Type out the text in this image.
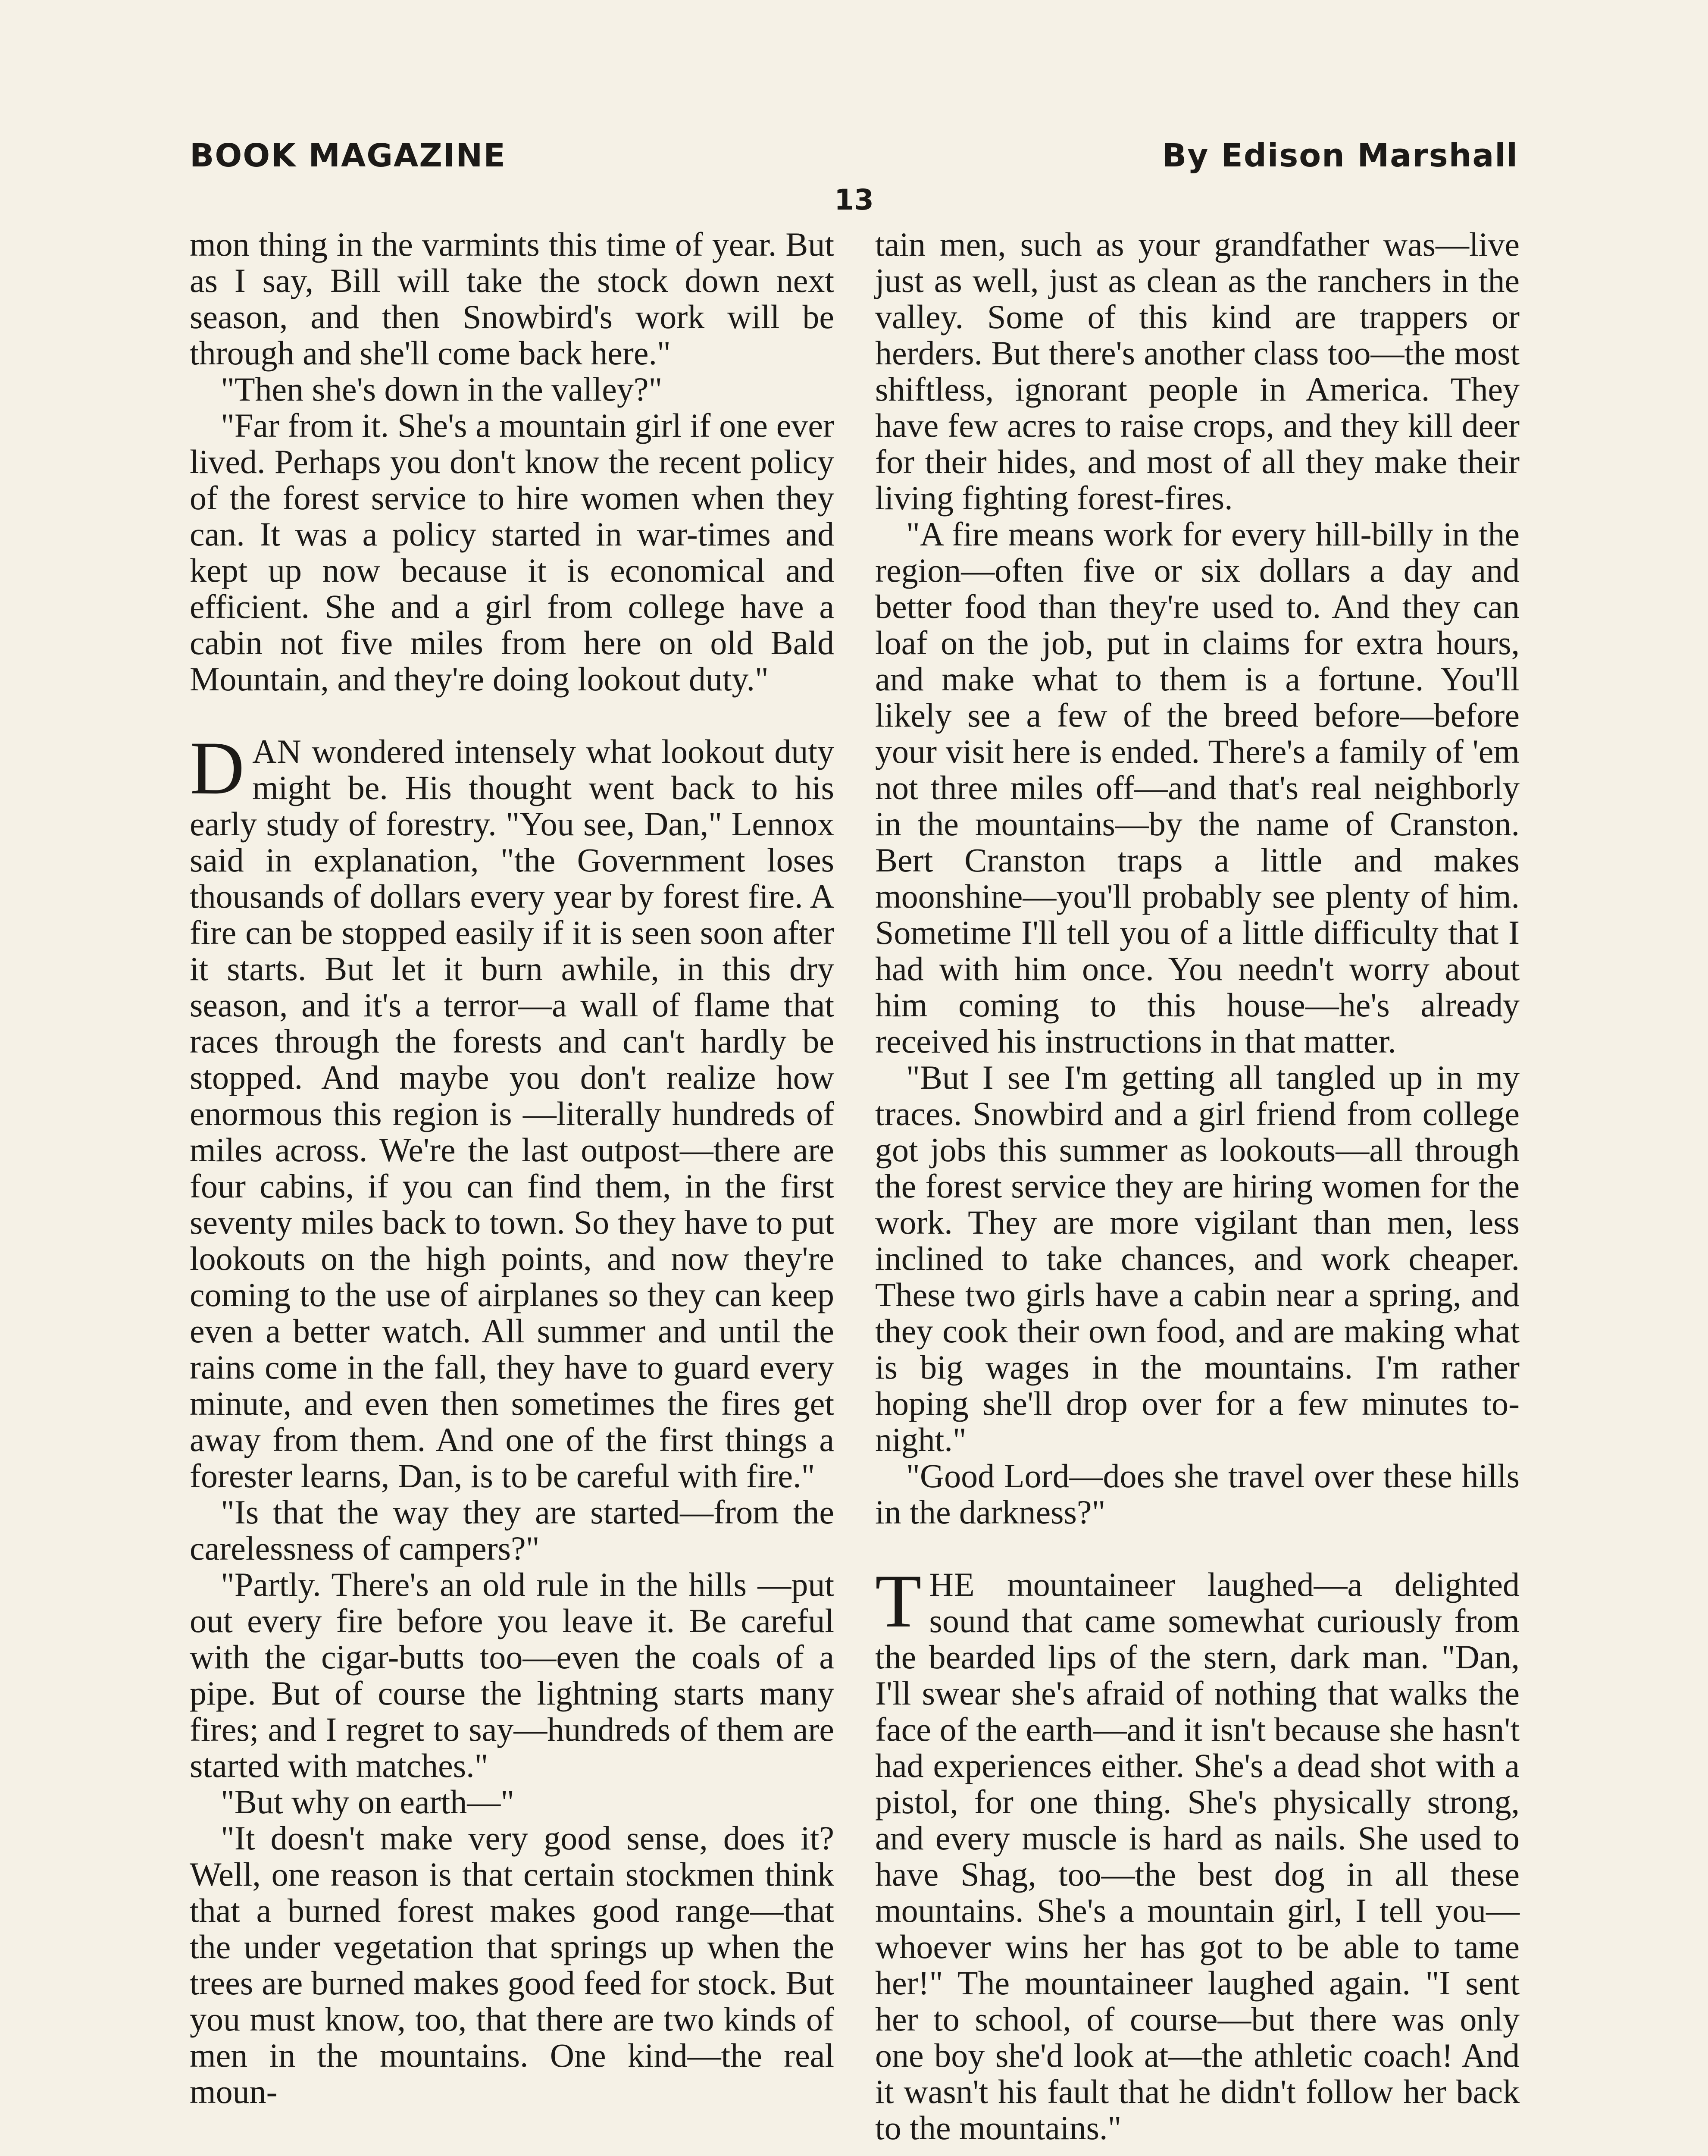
BOOK MAGAZINE	By Edison Marshall
13

mon thing in the varmints this time of year. But as I say, Bill will take the stock down next season, and then Snowbird's work will be through and she'll come back here."

"Then she's down in the valley?"

"Far from it. She's a mountain girl if one ever lived. Perhaps you don't know the recent policy of the forest service to hire women when they can. It was a policy started in war-times and kept up now because it is economical and efficient. She and a girl from college have a cabin not five miles from here on old Bald Mountain, and they're doing lookout duty."

DAN wondered intensely what lookout duty might be. His thought went back to his early study of forestry. "You see, Dan," Lennox said in explanation, "the Government loses thousands of dollars every year by forest fire. A fire can be stopped easily if it is seen soon after it starts. But let it burn awhile, in this dry season, and it's a terror—a wall of flame that races through the forests and can't hardly be stopped. And maybe you don't realize how enormous this region is —literally hundreds of miles across. We're the last outpost—there are four cabins, if you can find them, in the first seventy miles back to town. So they have to put lookouts on the high points, and now they're coming to the use of airplanes so they can keep even a better watch. All summer and until the rains come in the fall, they have to guard every minute, and even then sometimes the fires get away from them. And one of the first things a forester learns, Dan, is to be careful with fire."

"Is that the way they are started—from the carelessness of campers?"

"Partly. There's an old rule in the hills —put out every fire before you leave it. Be careful with the cigar-butts too—even the coals of a pipe. But of course the lightning starts many fires; and I regret to say—hundreds of them are started with matches."

"But why on earth—"

"It doesn't make very good sense, does it? Well, one reason is that certain stockmen think that a burned forest makes good range—that the under vegetation that springs up when the trees are burned makes good feed for stock. But you must know, too, that there are two kinds of men in the mountains. One kind—the real moun-

tain men, such as your grandfather was—live just as well, just as clean as the ranchers in the valley. Some of this kind are trappers or herders. But there's another class too—the most shiftless, ignorant people in America. They have few acres to raise crops, and they kill deer for their hides, and most of all they make their living fighting forest-fires.

"A fire means work for every hill-billy in the region—often five or six dollars a day and better food than they're used to. And they can loaf on the job, put in claims for extra hours, and make what to them is a fortune. You'll likely see a few of the breed before—before your visit here is ended. There's a family of 'em not three miles off—and that's real neighborly in the mountains—by the name of Cranston. Bert Cranston traps a little and makes moonshine—you'll probably see plenty of him. Sometime I'll tell you of a little difficulty that I had with him once. You needn't worry about him coming to this house—he's already received his instructions in that matter.

"But I see I'm getting all tangled up in my traces. Snowbird and a girl friend from college got jobs this summer as lookouts—all through the forest service they are hiring women for the work. They are more vigilant than men, less inclined to take chances, and work cheaper. These two girls have a cabin near a spring, and they cook their own food, and are making what is big wages in the mountains. I'm rather hoping she'll drop over for a few minutes to-night."

"Good Lord—does she travel over these hills in the darkness?"

THE mountaineer laughed—a delighted sound that came somewhat curiously from the bearded lips of the stern, dark man. "Dan, I'll swear she's afraid of nothing that walks the face of the earth—and it isn't because she hasn't had experiences either. She's a dead shot with a pistol, for one thing. She's physically strong, and every muscle is hard as nails. She used to have Shag, too—the best dog in all these mountains. She's a mountain girl, I tell you—whoever wins her has got to be able to tame her!" The mountaineer laughed again. "I sent her to school, of course—but there was only one boy she'd look at—the athletic coach! And it wasn't his fault that he didn't follow her back to the mountains."
